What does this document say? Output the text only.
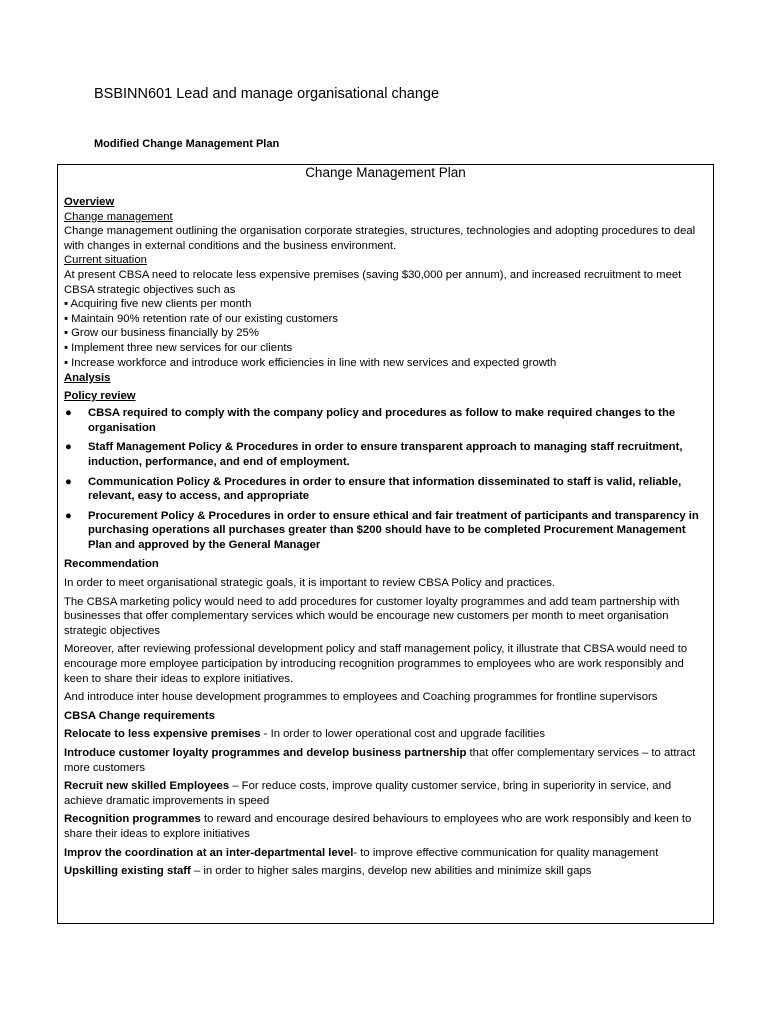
BSBINN601 Lead and manage organisational change

Modified Change Management Plan

Change Management Plan

Overview

Change management

Change management outlining the organisation corporate strategies, structures, technologies and adopting procedures to deal with changes in external conditions and the business environment.

Current situation

At present CBSA need to relocate less expensive premises (saving $30,000 per annum), and increased recruitment to meet CBSA strategic objectives such as

▪ Acquiring five new clients per month
▪ Maintain 90% retention rate of our existing customers
▪ Grow our business financially by 25%
▪ Implement three new services for our clients
▪ Increase workforce and introduce work efficiencies in line with new services and expected growth

Analysis

Policy review

● CBSA required to comply with the company policy and procedures as follow to make required changes to the organisation
● Staff Management Policy & Procedures in order to ensure transparent approach to managing staff recruitment, induction, performance, and end of employment.
● Communication Policy & Procedures in order to ensure that information disseminated to staff is valid, reliable, relevant, easy to access, and appropriate
● Procurement Policy & Procedures in order to ensure ethical and fair treatment of participants and transparency in purchasing operations all purchases greater than $200 should have to be completed Procurement Management Plan and approved by the General Manager

Recommendation

In order to meet organisational strategic goals, it is important to review CBSA Policy and practices.

The CBSA marketing policy would need to add procedures for customer loyalty programmes and add team partnership with businesses that offer complementary services which would be encourage new customers per month to meet organisation strategic objectives

Moreover, after reviewing professional development policy and staff management policy, it illustrate that CBSA would need to encourage more employee participation by introducing recognition programmes to employees who are work responsibly and keen to share their ideas to explore initiatives.

And introduce inter house development programmes to employees and Coaching programmes for frontline supervisors

CBSA Change requirements

Relocate to less expensive premises - In order to lower operational cost and upgrade facilities

Introduce customer loyalty programmes and develop business partnership that offer complementary services – to attract more customers

Recruit new skilled Employees – For reduce costs, improve quality customer service, bring in superiority in service, and achieve dramatic improvements in speed

Recognition programmes to reward and encourage desired behaviours to employees who are work responsibly and keen to share their ideas to explore initiatives

Improv the coordination at an inter-departmental level- to improve effective communication for quality management

Upskilling existing staff – in order to higher sales margins, develop new abilities and minimize skill gaps
